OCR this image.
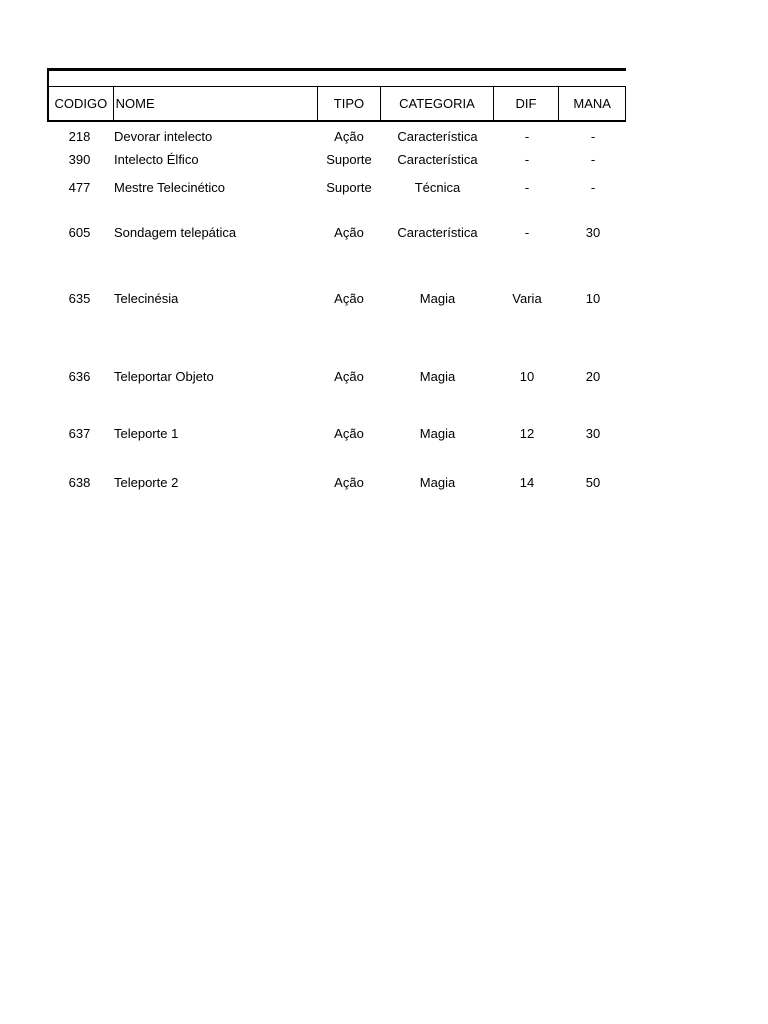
CODIGO NOME	TIPO	CATEGORIA	DIF	MANA
218	Devorar intelecto	Ação	Característica	-	-
390	Intelecto Élfico	Suporte	Característica	-	-
477	Mestre Telecinético	Suporte	Técnica	-	-
605	Sondagem telepática	Ação	Característica	-	30
635	Telecinésia	Ação	Magia	Varia	10
636	Teleportar Objeto	Ação	Magia	10	20
637	Teleporte 1	Ação	Magia	12	30
638	Teleporte 2	Ação	Magia	14	50
